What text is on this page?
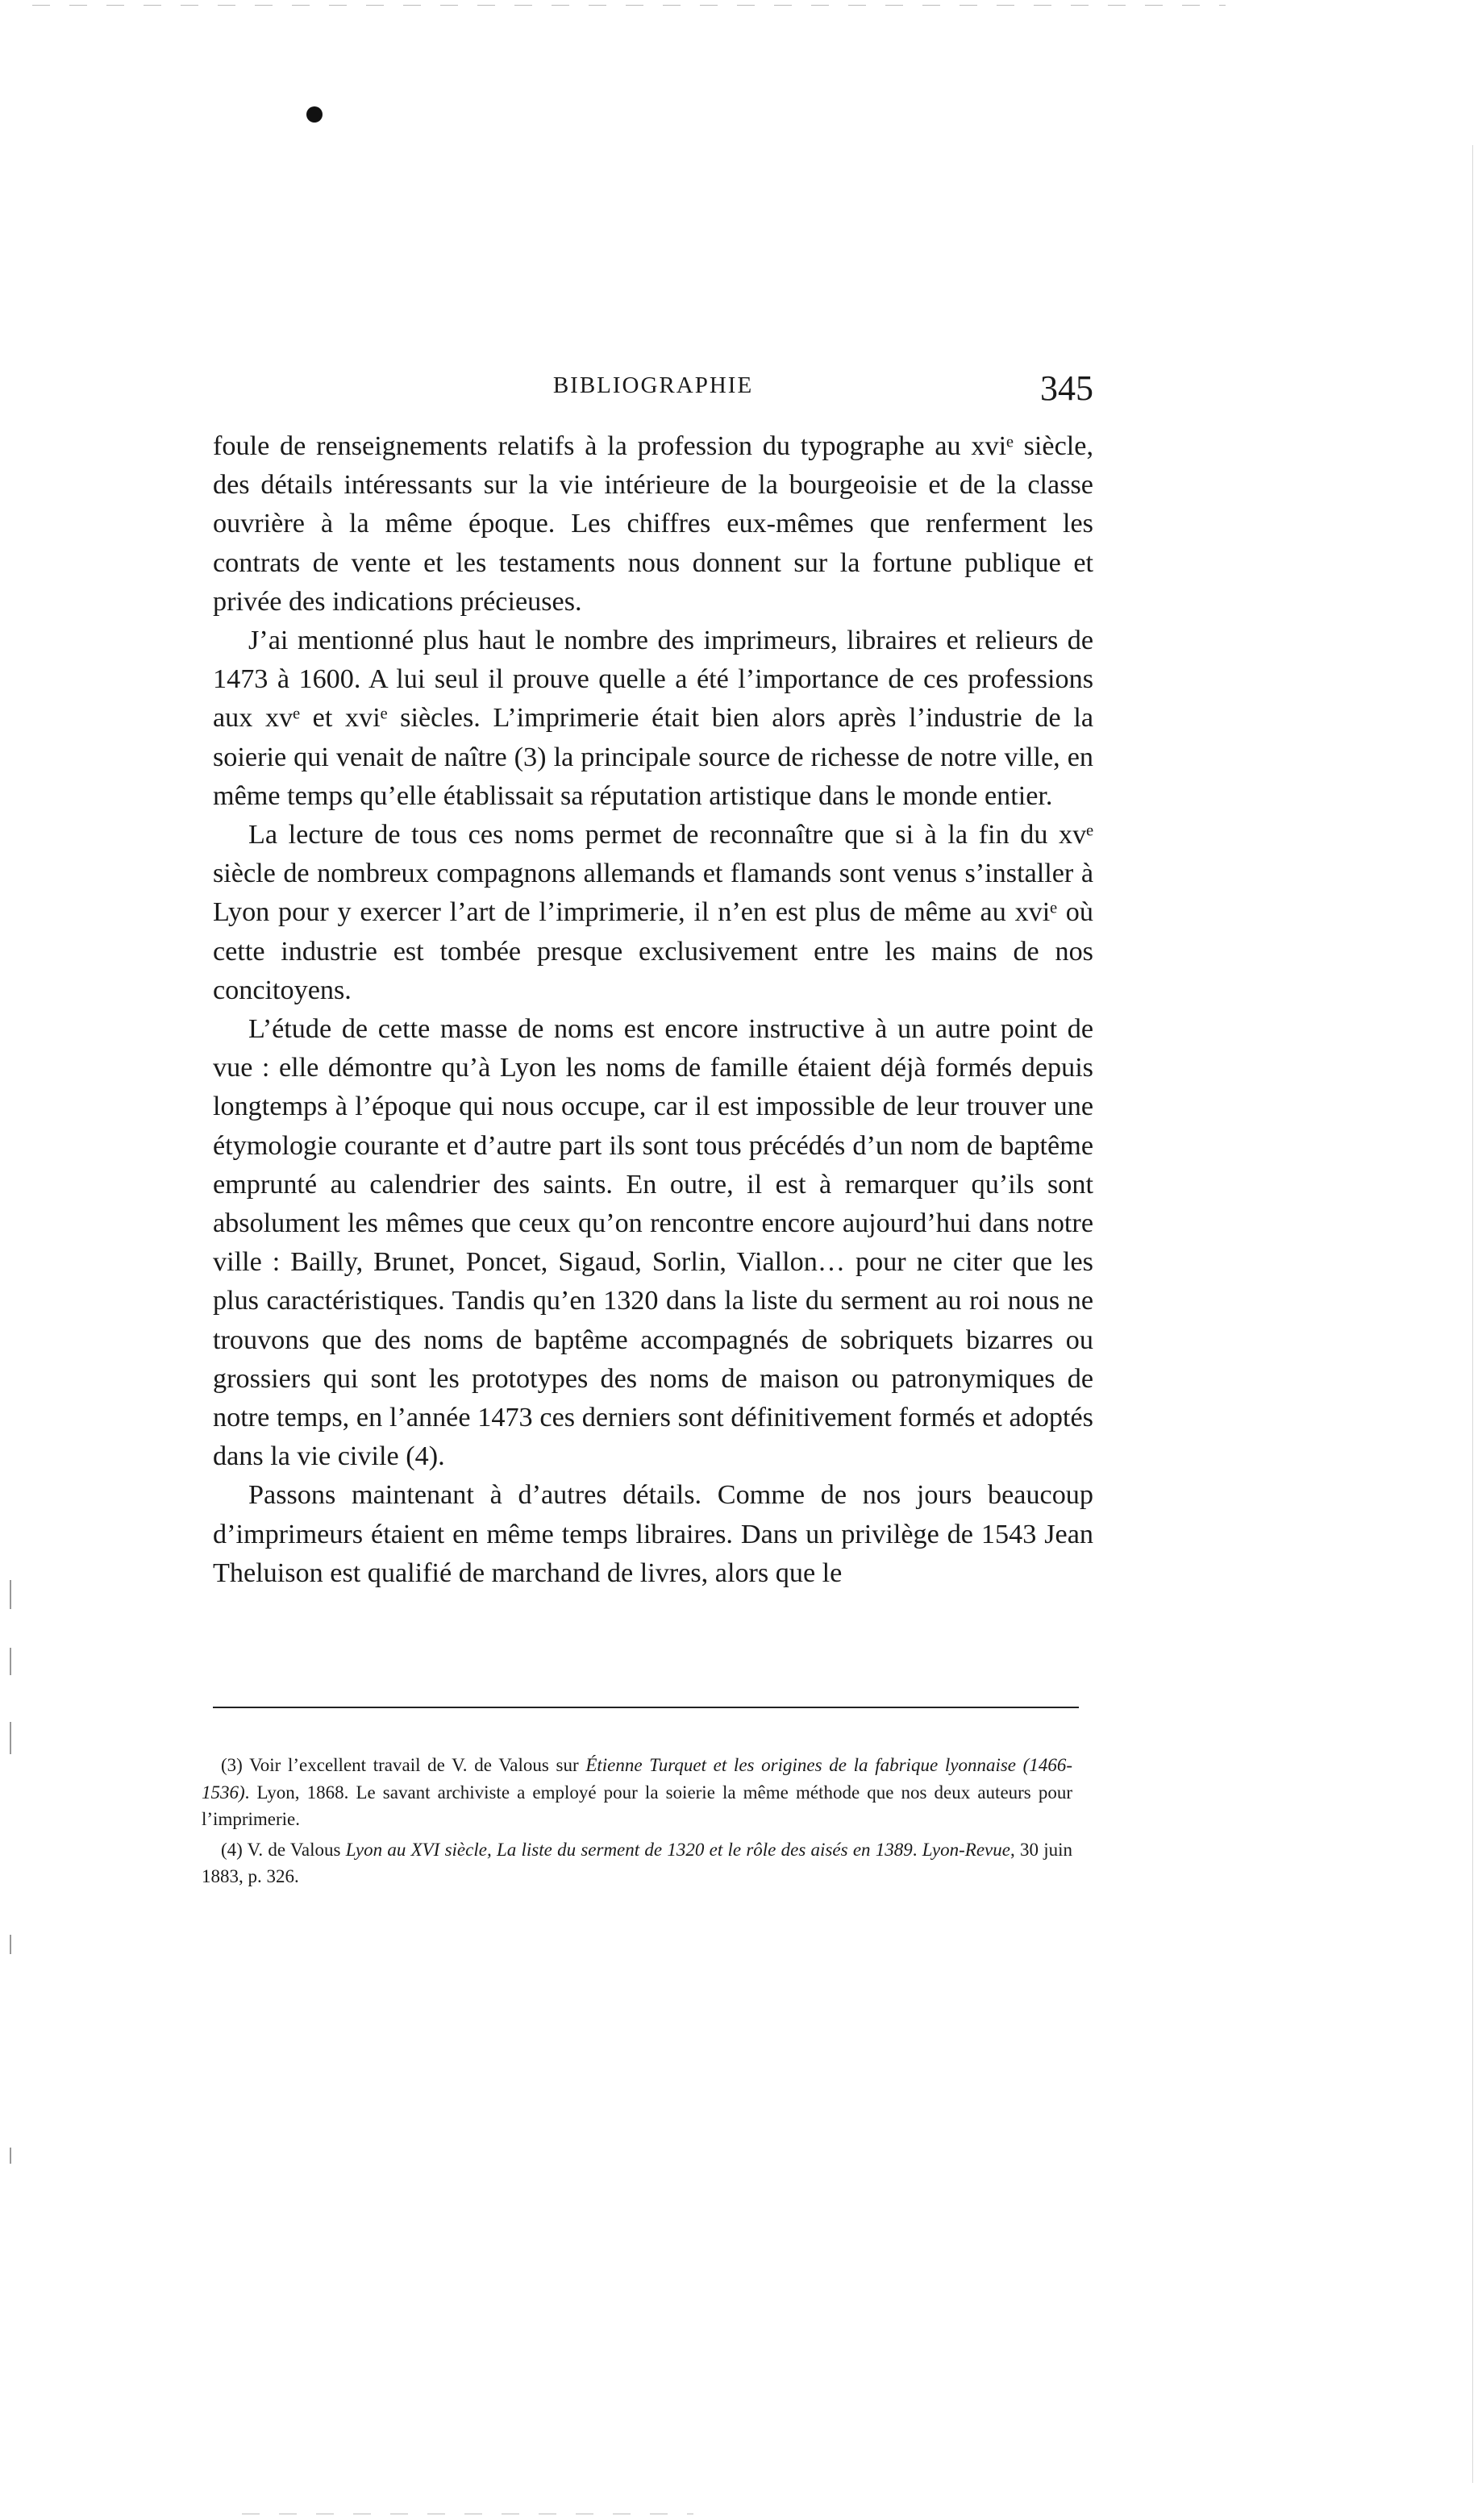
BIBLIOGRAPHIE	345

foule de renseignements relatifs à la profession du typographe au xviᵉ siècle, des détails intéressants sur la vie intérieure de la bourgeoisie et de la classe ouvrière à la même époque. Les chiffres eux-mêmes que renferment les contrats de vente et les testaments nous donnent sur la fortune publique et privée des indications précieuses.

J’ai mentionné plus haut le nombre des imprimeurs, libraires et relieurs de 1473 à 1600. A lui seul il prouve quelle a été l’importance de ces professions aux xvᵉ et xviᵉ siècles. L’imprimerie était bien alors après l’industrie de la soierie qui venait de naître (3) la principale source de richesse de notre ville, en même temps qu’elle établissait sa réputation artistique dans le monde entier.

La lecture de tous ces noms permet de reconnaître que si à la fin du xvᵉ siècle de nombreux compagnons allemands et flamands sont venus s’installer à Lyon pour y exercer l’art de l’imprimerie, il n’en est plus de même au xviᵉ où cette industrie est tombée presque exclusivement entre les mains de nos concitoyens.

L’étude de cette masse de noms est encore instructive à un autre point de vue : elle démontre qu’à Lyon les noms de famille étaient déjà formés depuis longtemps à l’époque qui nous occupe, car il est impossible de leur trouver une étymologie courante et d’autre part ils sont tous précédés d’un nom de baptême emprunté au calendrier des saints. En outre, il est à remarquer qu’ils sont absolument les mêmes que ceux qu’on rencontre encore aujourd’hui dans notre ville : Bailly, Brunet, Poncet, Sigaud, Sorlin, Viallon… pour ne citer que les plus caractéristiques. Tandis qu’en 1320 dans la liste du serment au roi nous ne trouvons que des noms de baptême accompagnés de sobriquets bizarres ou grossiers qui sont les prototypes des noms de maison ou patronymiques de notre temps, en l’année 1473 ces derniers sont définitivement formés et adoptés dans la vie civile (4).

Passons maintenant à d’autres détails. Comme de nos jours beaucoup d’imprimeurs étaient en même temps libraires. Dans un privilège de 1543 Jean Theluison est qualifié de marchand de livres, alors que le

(3) Voir l’excellent travail de V. de Valous sur Étienne Turquet et les origines de la fabrique lyonnaise (1466-1536). Lyon, 1868. Le savant archiviste a employé pour la soierie la même méthode que nos deux auteurs pour l’imprimerie.

(4) V. de Valous Lyon au XVI siècle, La liste du serment de 1320 et le rôle des aisés en 1389. Lyon-Revue, 30 juin 1883, p. 326.
